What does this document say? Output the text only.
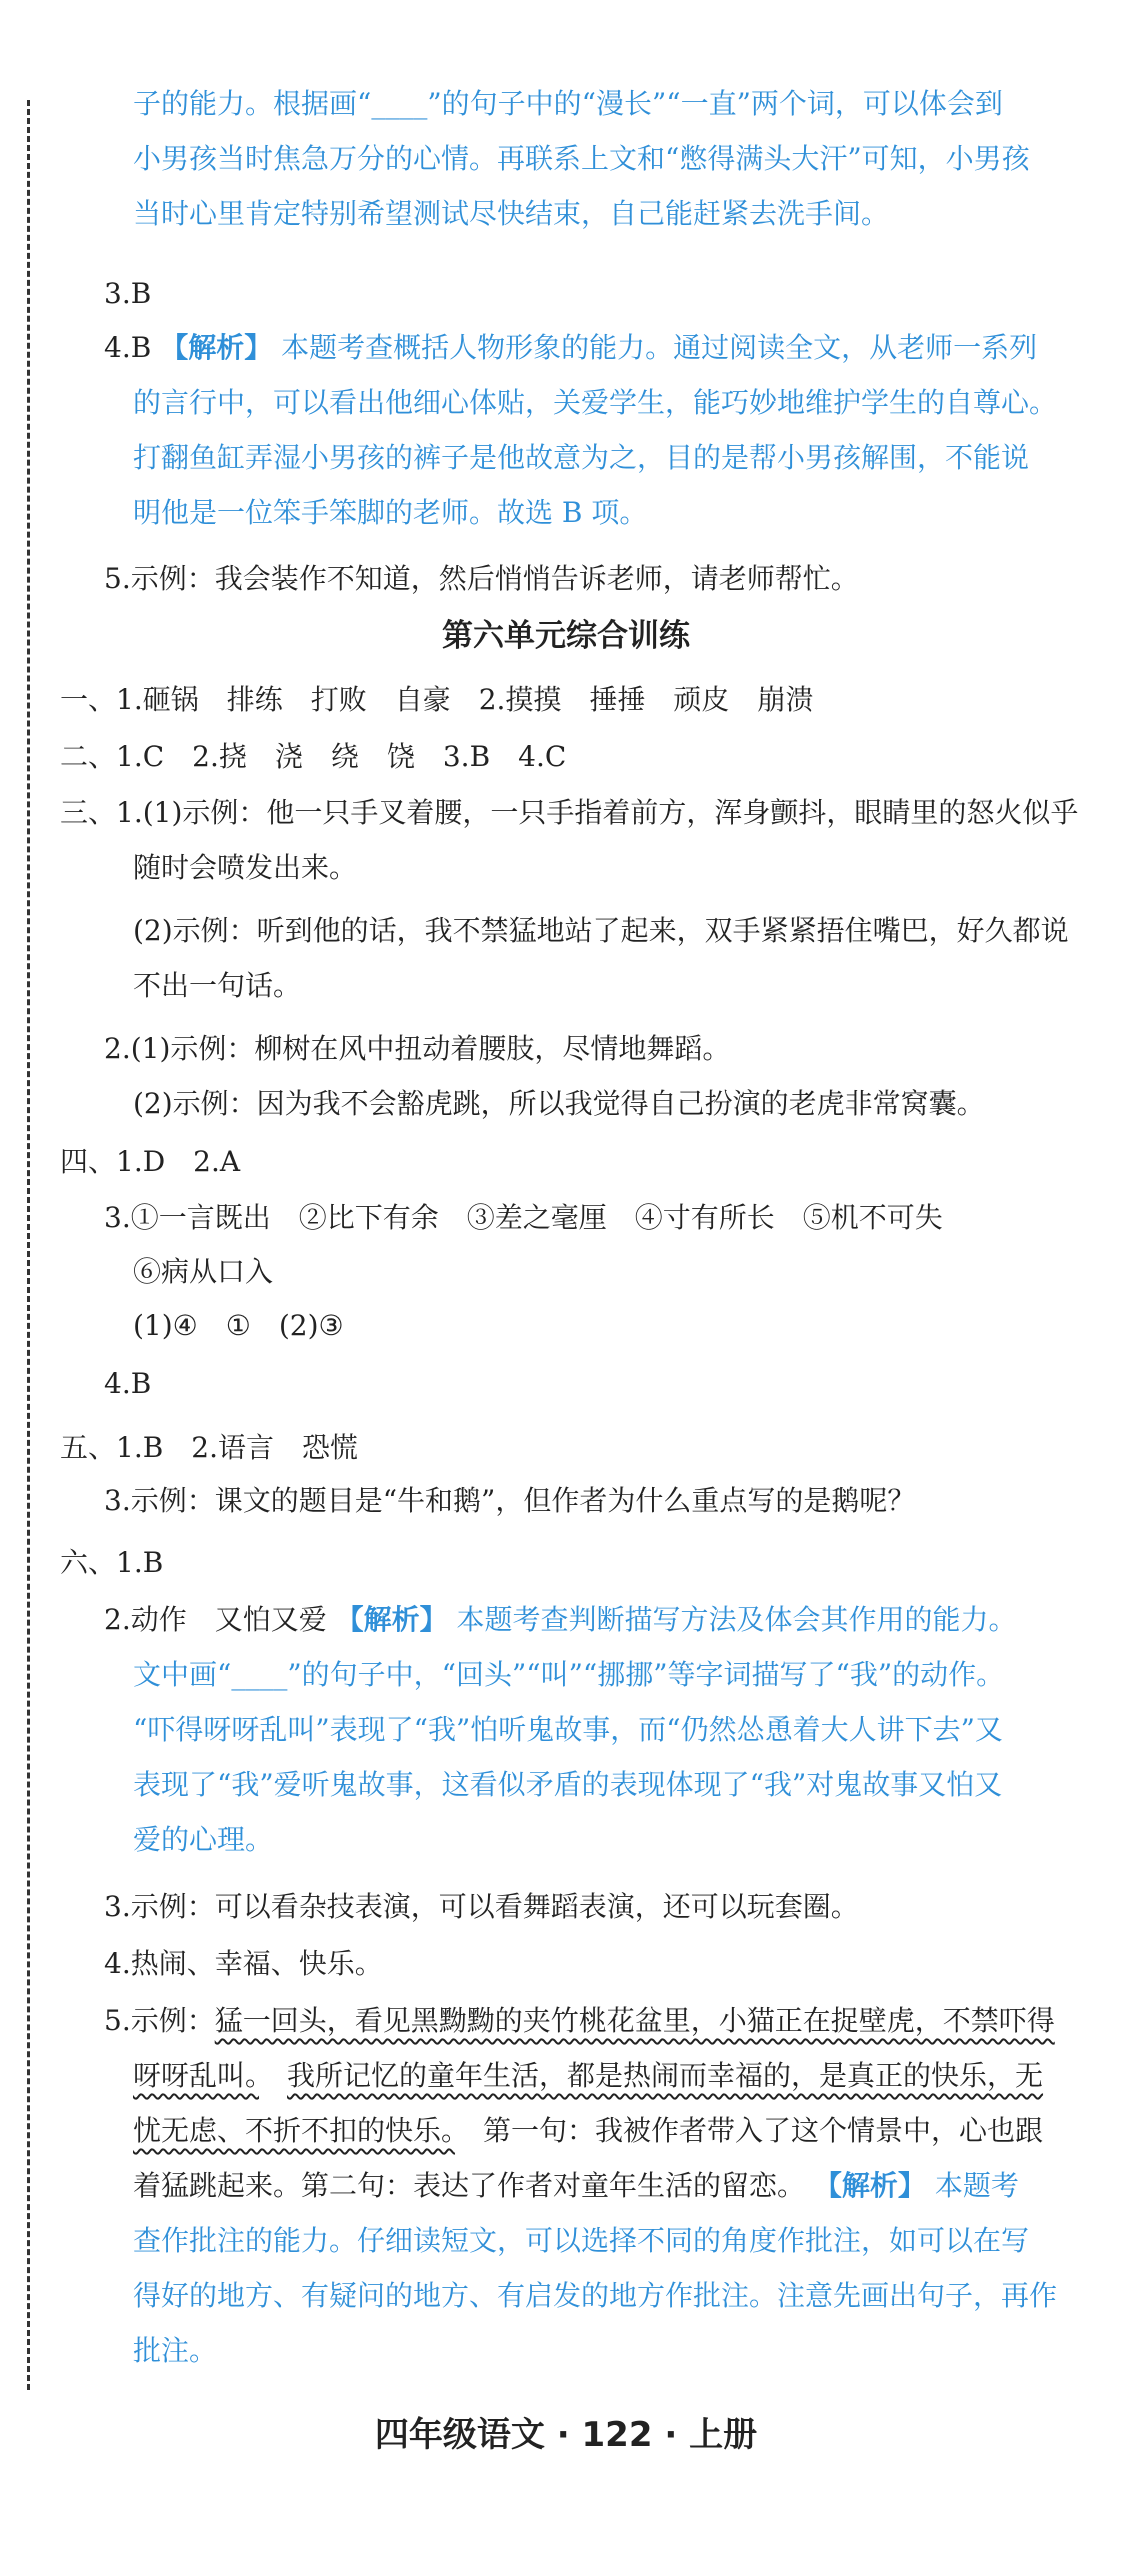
子的能力。根据画“____”的句子中的“漫长”“一直”两个词，可以体会到
小男孩当时焦急万分的心情。再联系上文和“憋得满头大汗”可知，小男孩
当时心里肯定特别希望测试尽快结束，自己能赶紧去洗手间。
3.B
4.B 【解析】 本题考查概括人物形象的能力。通过阅读全文，从老师一系列
的言行中，可以看出他细心体贴，关爱学生，能巧妙地维护学生的自尊心。
打翻鱼缸弄湿小男孩的裤子是他故意为之，目的是帮小男孩解围，不能说
明他是一位笨手笨脚的老师。故选 B 项。
5.示例：我会装作不知道，然后悄悄告诉老师，请老师帮忙。
第六单元综合训练
一、1.砸锅　排练　打败　自豪　2.摸摸　捶捶　顽皮　崩溃
二、1.C　2.挠　浇　绕　饶　3.B　4.C
三、1.(1)示例：他一只手叉着腰，一只手指着前方，浑身颤抖，眼睛里的怒火似乎
随时会喷发出来。
(2)示例：听到他的话，我不禁猛地站了起来，双手紧紧捂住嘴巴，好久都说
不出一句话。
2.(1)示例：柳树在风中扭动着腰肢，尽情地舞蹈。
(2)示例：因为我不会豁虎跳，所以我觉得自己扮演的老虎非常窝囊。
四、1.D　2.A
3.①一言既出　②比下有余　③差之毫厘　④寸有所长　⑤机不可失
⑥病从口入
(1)④　①　(2)③
4.B
五、1.B　2.语言　恐慌
3.示例：课文的题目是“牛和鹅”，但作者为什么重点写的是鹅呢？
六、1.B
2.动作　又怕又爱 【解析】 本题考查判断描写方法及体会其作用的能力。
文中画“____”的句子中，“回头”“叫”“挪挪”等字词描写了“我”的动作。
“吓得呀呀乱叫”表现了“我”怕听鬼故事，而“仍然怂恿着大人讲下去”又
表现了“我”爱听鬼故事，这看似矛盾的表现体现了“我”对鬼故事又怕又
爱的心理。
3.示例：可以看杂技表演，可以看舞蹈表演，还可以玩套圈。
4.热闹、幸福、快乐。
5.示例：猛一回头，看见黑黝黝的夹竹桃花盆里，小猫正在捉壁虎，不禁吓得
呀呀乱叫。　 我所记忆的童年生活，都是热闹而幸福的，是真正的快乐，无
忧无虑、不折不扣的快乐。　 第一句：我被作者带入了这个情景中，心也跟
着猛跳起来。第二句：表达了作者对童年生活的留恋。 【解析】 本题考
查作批注的能力。仔细读短文，可以选择不同的角度作批注，如可以在写
得好的地方、有疑问的地方、有启发的地方作批注。注意先画出句子，再作
批注。
四年级语文 · 122 · 上册
